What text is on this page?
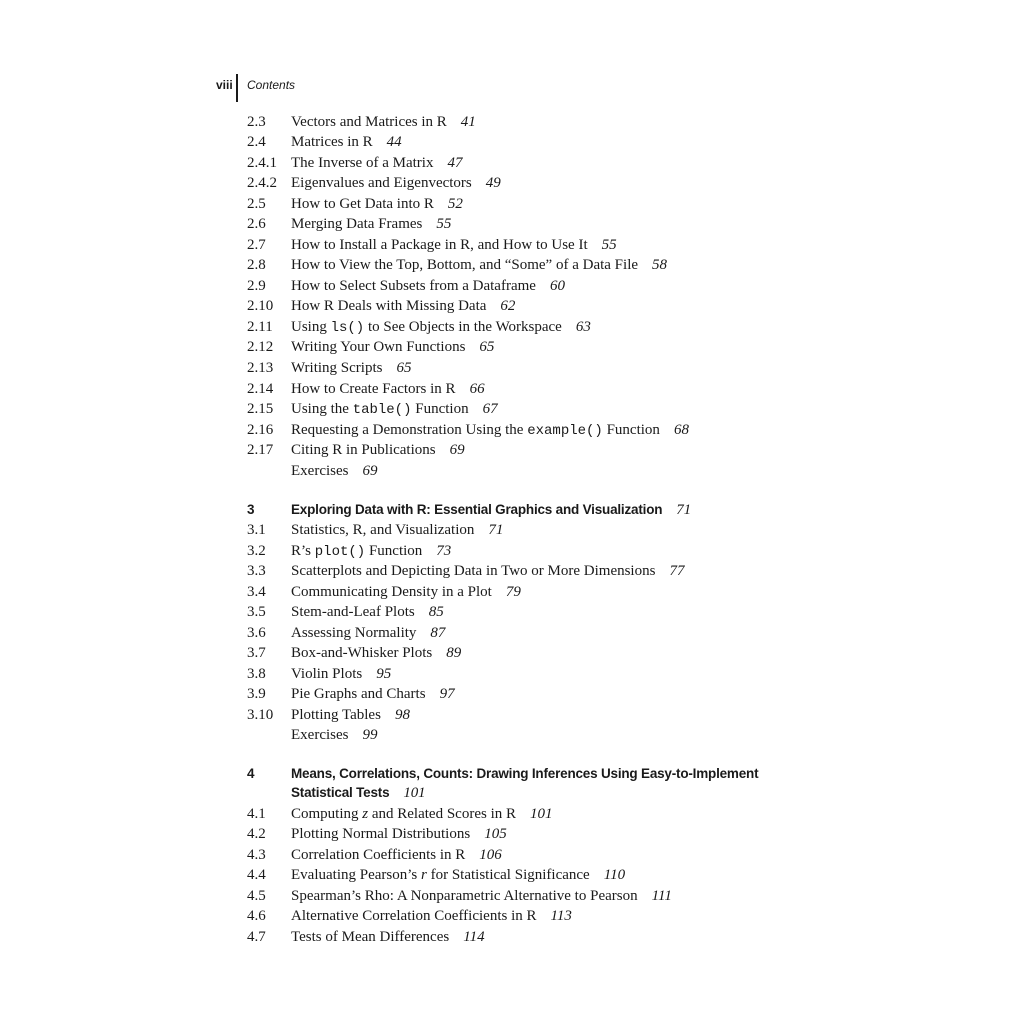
viii Contents
2.3 Vectors and Matrices in R 41
2.4 Matrices in R 44
2.4.1 The Inverse of a Matrix 47
2.4.2 Eigenvalues and Eigenvectors 49
2.5 How to Get Data into R 52
2.6 Merging Data Frames 55
2.7 How to Install a Package in R, and How to Use It 55
2.8 How to View the Top, Bottom, and “Some” of a Data File 58
2.9 How to Select Subsets from a Dataframe 60
2.10 How R Deals with Missing Data 62
2.11 Using ls() to See Objects in the Workspace 63
2.12 Writing Your Own Functions 65
2.13 Writing Scripts 65
2.14 How to Create Factors in R 66
2.15 Using the table() Function 67
2.16 Requesting a Demonstration Using the example() Function 68
2.17 Citing R in Publications 69
Exercises 69
3	Exploring Data with R: Essential Graphics and Visualization 71
3.1 Statistics, R, and Visualization 71
3.2 R’s plot() Function 73
3.3 Scatterplots and Depicting Data in Two or More Dimensions 77
3.4 Communicating Density in a Plot 79
3.5 Stem-and-Leaf Plots 85
3.6 Assessing Normality 87
3.7 Box-and-Whisker Plots 89
3.8 Violin Plots 95
3.9 Pie Graphs and Charts 97
3.10 Plotting Tables 98
Exercises 99
4	Means, Correlations, Counts: Drawing Inferences Using Easy-to-Implement
Statistical Tests 101
4.1 Computing z and Related Scores in R 101
4.2 Plotting Normal Distributions 105
4.3 Correlation Coefficients in R 106
4.4 Evaluating Pearson’s r for Statistical Significance 110
4.5 Spearman’s Rho: A Nonparametric Alternative to Pearson 111
4.6 Alternative Correlation Coefficients in R 113
4.7 Tests of Mean Differences 114
